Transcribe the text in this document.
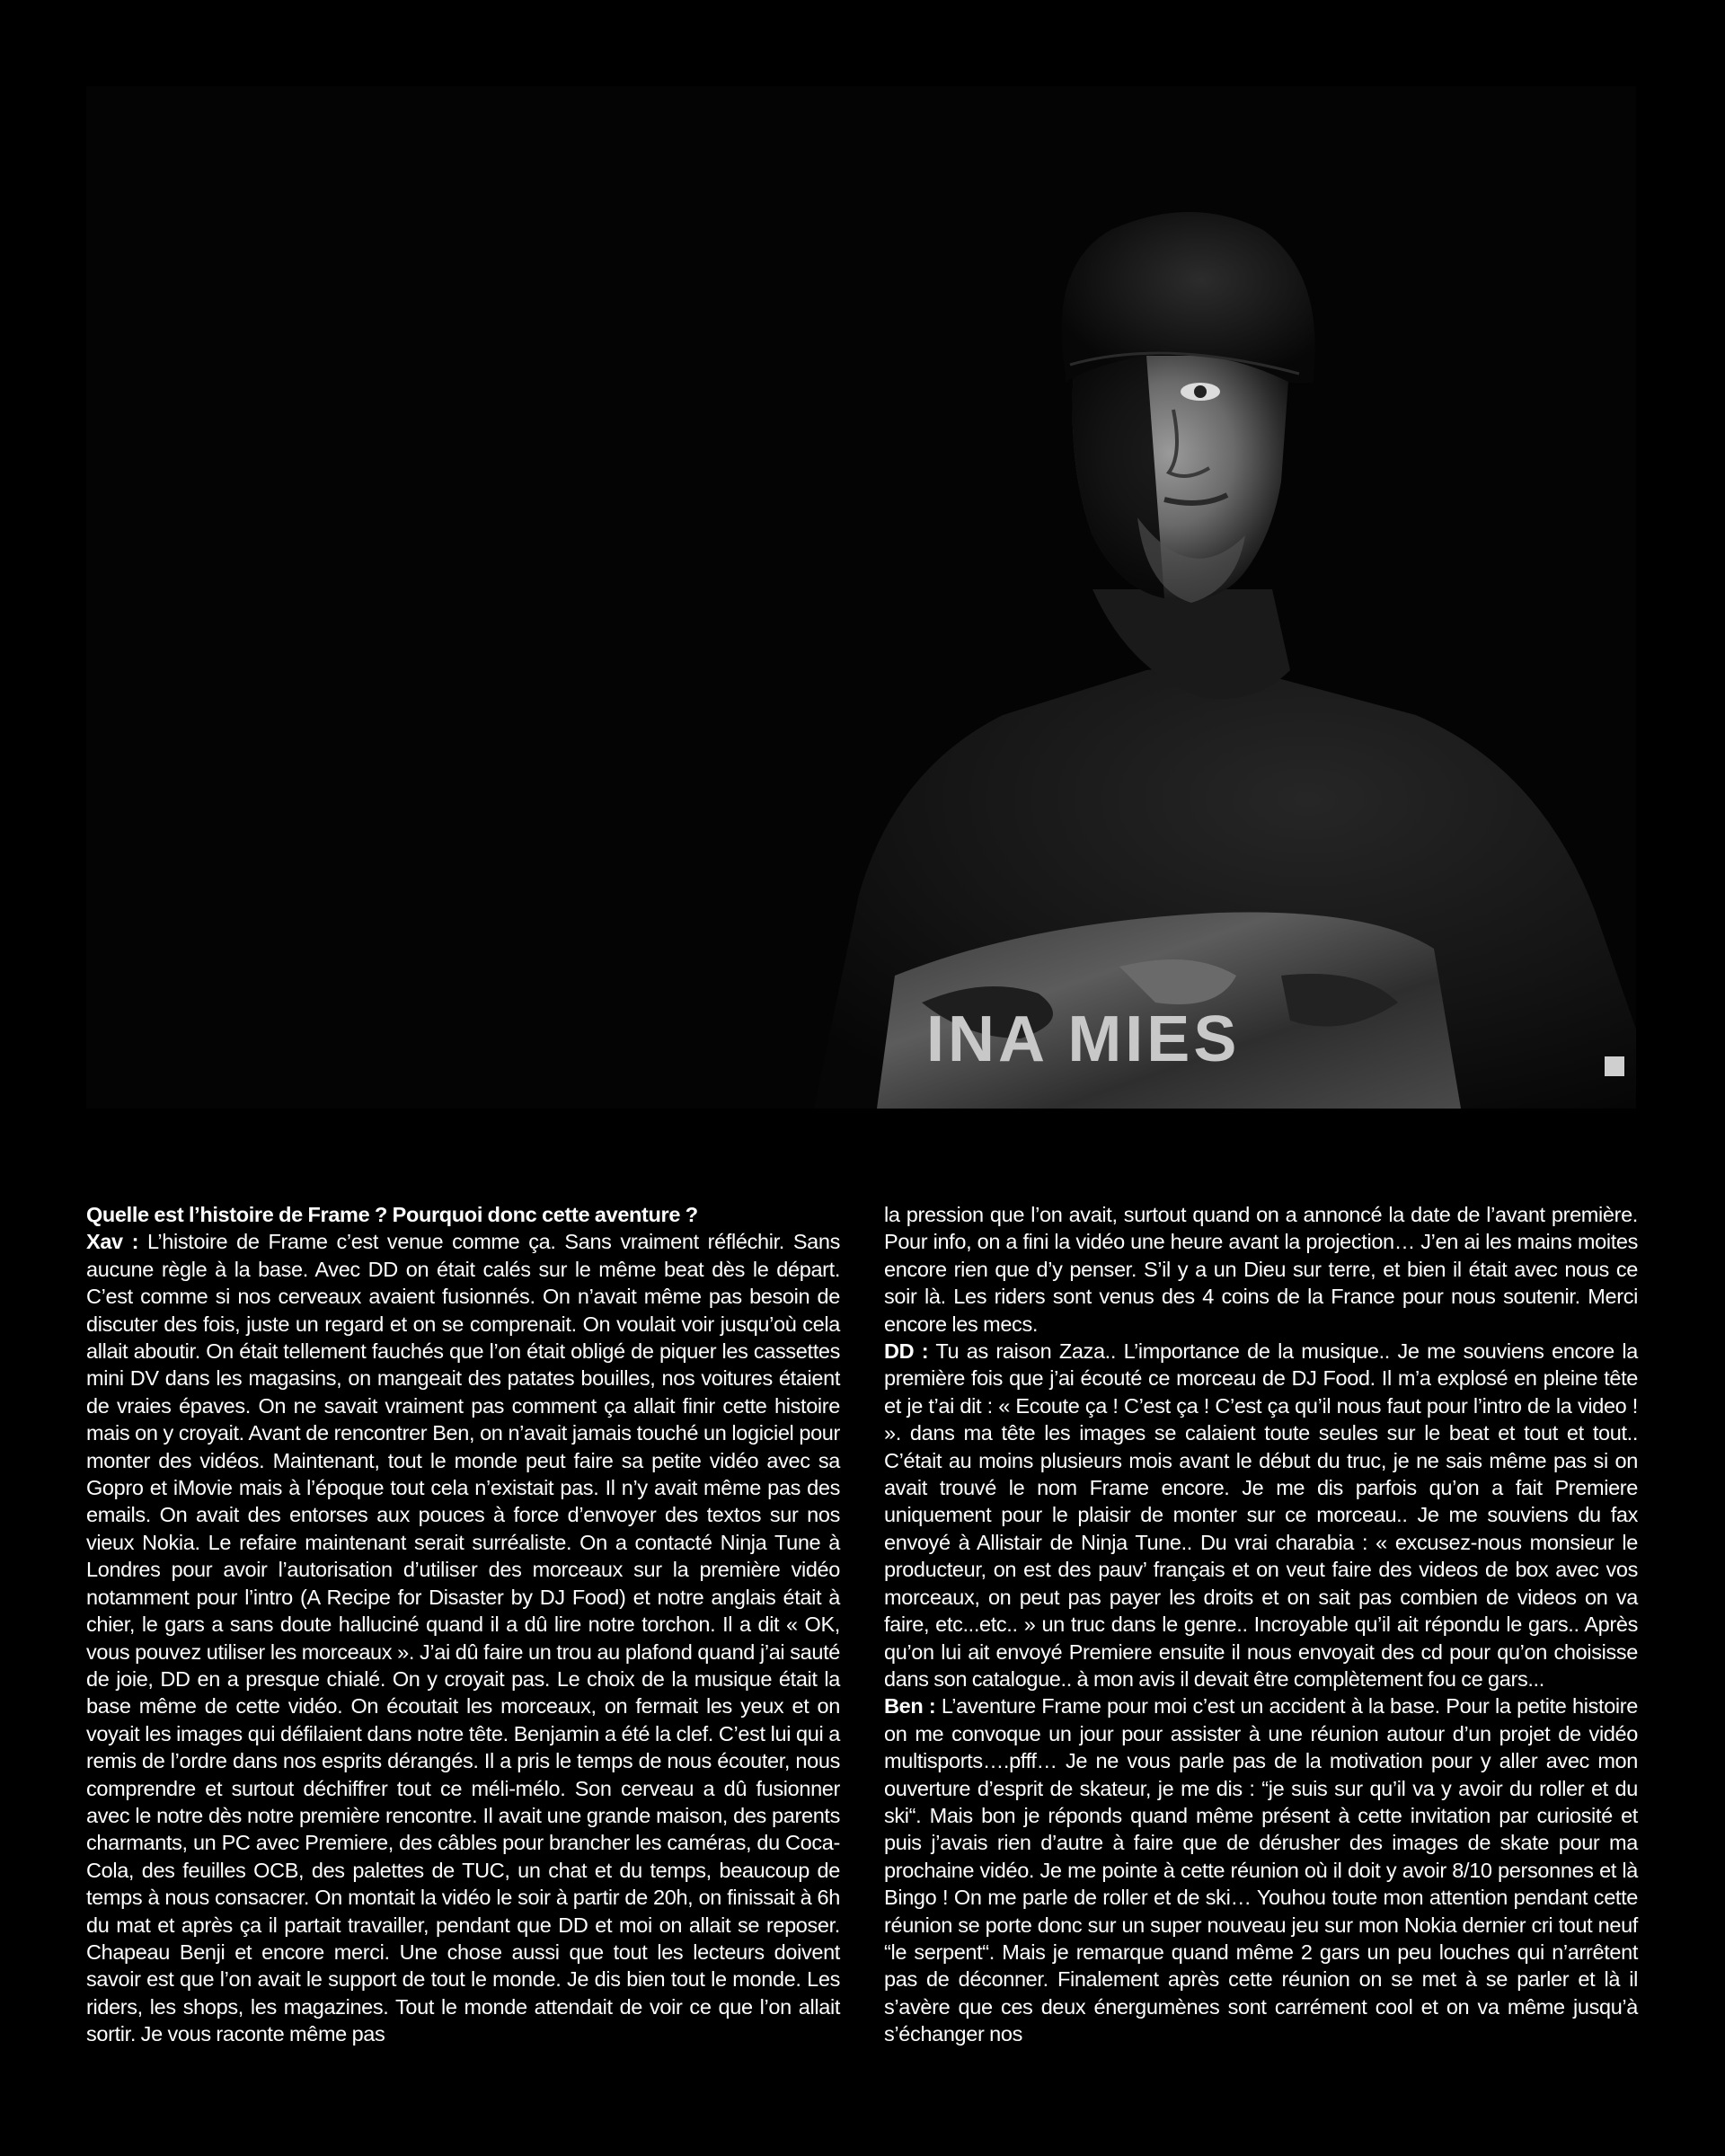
INA MIES

Quelle est l’histoire de Frame ? Pourquoi donc cette aventure ?

Xav : L’histoire de Frame c’est venue comme ça. Sans vraiment réfléchir. Sans aucune règle à la base. Avec DD on était calés sur le même beat dès le départ. C’est comme si nos cerveaux avaient fusionnés. On n’avait même pas besoin de discuter des fois, juste un regard et on se comprenait. On voulait voir jusqu’où cela allait aboutir. On était tellement fauchés que l’on était obligé de piquer les cassettes mini DV dans les magasins, on mangeait des patates bouilles, nos voitures étaient de vraies épaves. On ne savait vraiment pas comment ça allait finir cette histoire mais on y croyait. Avant de rencontrer Ben, on n’avait jamais touché un logiciel pour monter des vidéos. Maintenant, tout le monde peut faire sa petite vidéo avec sa Gopro et iMovie mais à l’époque tout cela n’existait pas. Il n’y avait même pas des emails. On avait des entorses aux pouces à force d’envoyer des textos sur nos vieux Nokia. Le refaire maintenant serait surréaliste. On a contacté Ninja Tune à Londres pour avoir l’autorisation d’utiliser des morceaux sur la première vidéo notamment pour l’intro (A Recipe for Disaster by DJ Food) et notre anglais était à chier, le gars a sans doute halluciné quand il a dû lire notre torchon. Il a dit « OK, vous pouvez utiliser les morceaux ». J’ai dû faire un trou au plafond quand j’ai sauté de joie, DD en a presque chialé. On y croyait pas. Le choix de la musique était la base même de cette vidéo. On écoutait les morceaux, on fermait les yeux et on voyait les images qui défilaient dans notre tête. Benjamin a été la clef. C’est lui qui a remis de l’ordre dans nos esprits dérangés. Il a pris le temps de nous écouter, nous comprendre et surtout déchiffrer tout ce méli-mélo. Son cerveau a dû fusionner avec le notre dès notre première rencontre. Il avait une grande maison, des parents charmants, un PC avec Premiere, des câbles pour brancher les caméras, du Coca-Cola, des feuilles OCB, des palettes de TUC, un chat et du temps, beaucoup de temps à nous consacrer. On montait la vidéo le soir à partir de 20h, on finissait à 6h du mat et après ça il partait travailler, pendant que DD et moi on allait se reposer. Chapeau Benji et encore merci. Une chose aussi que tout les lecteurs doivent savoir est que l’on avait le support de tout le monde. Je dis bien tout le monde. Les riders, les shops, les magazines. Tout le monde attendait de voir ce que l’on allait sortir. Je vous raconte même pas

la pression que l’on avait, surtout quand on a annoncé la date de l’avant première. Pour info, on a fini la vidéo une heure avant la projection… J’en ai les mains moites encore rien que d’y penser. S’il y a un Dieu sur terre, et bien il était avec nous ce soir là. Les riders sont venus des 4 coins de la France pour nous soutenir. Merci encore les mecs.

DD : Tu as raison Zaza.. L’importance de la musique.. Je me souviens encore la première fois que j’ai écouté ce morceau de DJ Food. Il m’a explosé en pleine tête et je t’ai dit : « Ecoute ça ! C’est ça ! C’est ça qu’il nous faut pour l’intro de la video ! ». dans ma tête les images se calaient toute seules sur le beat et tout et tout.. C’était au moins plusieurs mois avant le début du truc, je ne sais même pas si on avait trouvé le nom Frame encore. Je me dis parfois qu’on a fait Premiere uniquement pour le plaisir de monter sur ce morceau.. Je me souviens du fax envoyé à Allistair de Ninja Tune.. Du vrai charabia : « excusez-nous monsieur le producteur, on est des pauv’ français et on veut faire des videos de box avec vos morceaux, on peut pas payer les droits et on sait pas combien de videos on va faire, etc...etc.. » un truc dans le genre.. Incroyable qu’il ait répondu le gars.. Après qu’on lui ait envoyé Premiere ensuite il nous envoyait des cd pour qu’on choisisse dans son catalogue.. à mon avis il devait être complètement fou ce gars...

Ben : L’aventure Frame pour moi c’est un accident à la base. Pour la petite histoire on me convoque un jour pour assister à une réunion autour d’un projet de vidéo multisports….pfff… Je ne vous parle pas de la motivation pour y aller avec mon ouverture d’esprit de skateur, je me dis : “je suis sur qu’il va y avoir du roller et du ski“. Mais bon je réponds quand même présent à cette invitation par curiosité et puis j’avais rien d’autre à faire que de dérusher des images de skate pour ma prochaine vidéo. Je me pointe à cette réunion où il doit y avoir 8/10 personnes et là Bingo ! On me parle de roller et de ski… Youhou toute mon attention pendant cette réunion se porte donc sur un super nouveau jeu sur mon Nokia dernier cri tout neuf “le serpent“. Mais je remarque quand même 2 gars un peu louches qui n’arrêtent pas de déconner. Finalement après cette réunion on se met à se parler et là il s’avère que ces deux énergumènes sont carrément cool et on va même jusqu’à s’échanger nos
